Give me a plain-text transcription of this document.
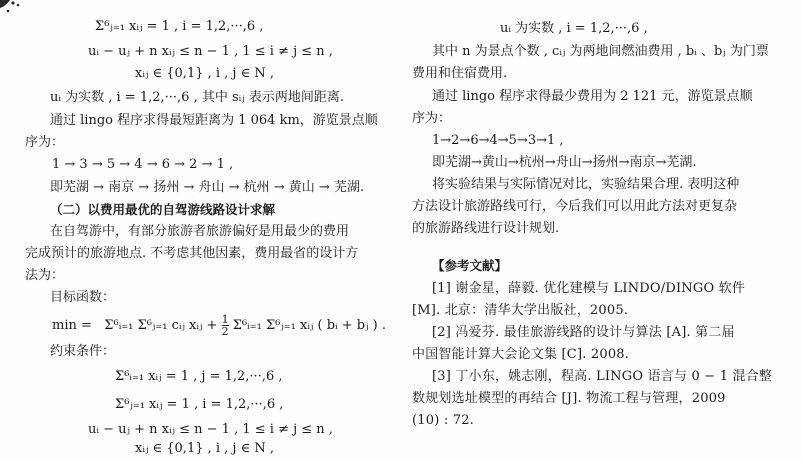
Σ⁡⁶ⱼ₌₁ xᵢⱼ = 1 , i = 1,2,···,6 ,
uᵢ − uⱼ + n xᵢⱼ ≤ n − 1 , 1 ≤ i ≠ j ≤ n ,
xᵢⱼ ∈ {0,1} , i , j ∈ N ,
uᵢ 为实数 , i = 1,2,···,6 , 其中 sᵢⱼ 表示两地间距离.
通过 lingo 程序求得最短距离为 1 064 km，游览景点顺
序为：
1 → 3 → 5 → 4 → 6 → 2 → 1 ,
即芜湖 → 南京 → 扬州 → 舟山 → 杭州 → 黄山 → 芜湖.
（二）以费用最优的自驾游线路设计求解
在自驾游中，有部分旅游者旅游偏好是用最少的费用
完成预计的旅游地点. 不考虑其他因素，费用最省的设计方
法为：
目标函数：
min = Σ⁶ᵢ₌₁ Σ⁶ⱼ₌₁ cᵢⱼ xᵢⱼ + $\frac{1}{2}$ Σ⁶ᵢ₌₁ Σ⁶ⱼ₌₁ xᵢⱼ ( bᵢ + bⱼ ) .
约束条件：
Σ⁶ᵢ₌₁ xᵢⱼ = 1 , j = 1,2,···,6 ,
Σ⁶ⱼ₌₁ xᵢⱼ = 1 , i = 1,2,···,6 ,
uᵢ − uⱼ + n xᵢⱼ ≤ n − 1 , 1 ≤ i ≠ j ≤ n ,
xᵢⱼ ∈ {0,1} , i , j ∈ N ,
uᵢ 为实数 , i = 1,2,···,6 ,
其中 n 为景点个数 , cᵢⱼ 为两地间燃油费用 , bᵢ 、bⱼ 为门票
费用和住宿费用.
通过 lingo 程序求得最少费用为 2 121 元，游览景点顺
序为：
1→2→6→4→5→3→1 ,
即芜湖→黄山→杭州→舟山→扬州→南京→芜湖.
将实验结果与实际情况对比，实验结果合理. 表明这种
方法设计旅游路线可行，今后我们可以用此方法对更复杂
的旅游路线进行设计规划.
【参考文献】
[1] 谢金星，薛毅. 优化建模与 LINDO/DINGO 软件
[M]. 北京：清华大学出版社，2005.
[2] 冯爱芬. 最佳旅游线路的设计与算法 [A]. 第二届
中国智能计算大会论文集 [C]. 2008.
[3] 丁小东，姚志刚，程高. LINGO 语言与 0 − 1 混合整
数规划选址模型的再结合 [J]. 物流工程与管理，2009
(10) : 72.
